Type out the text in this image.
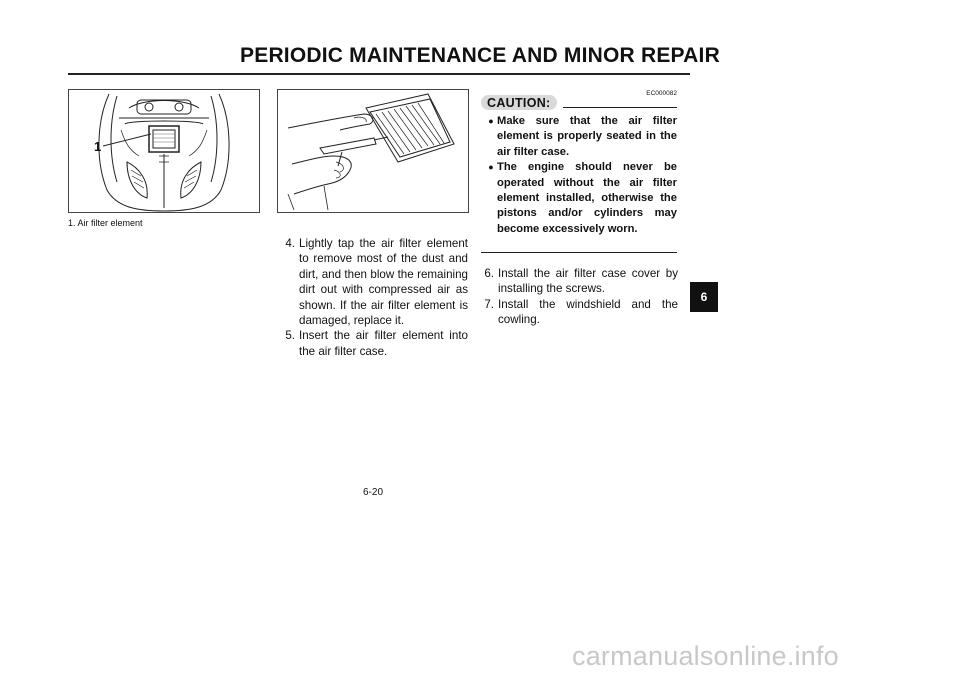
PERIODIC MAINTENANCE AND MINOR REPAIR
1
1. Air filter element
4. Lightly tap the air filter element to remove most of the dust and dirt, and then blow the remaining dirt out with compressed air as shown. If the air filter element is damaged, replace it.
5. Insert the air filter element into the air filter case.
EC000082
CAUTION:
● Make sure that the air filter element is properly seated in the air filter case.
● The engine should never be operated without the air filter element installed, otherwise the pistons and/or cylinders may become excessively worn.
6. Install the air filter case cover by installing the screws.
7. Install the windshield and the cowling.
6-20
6
carmanualsonline.info
